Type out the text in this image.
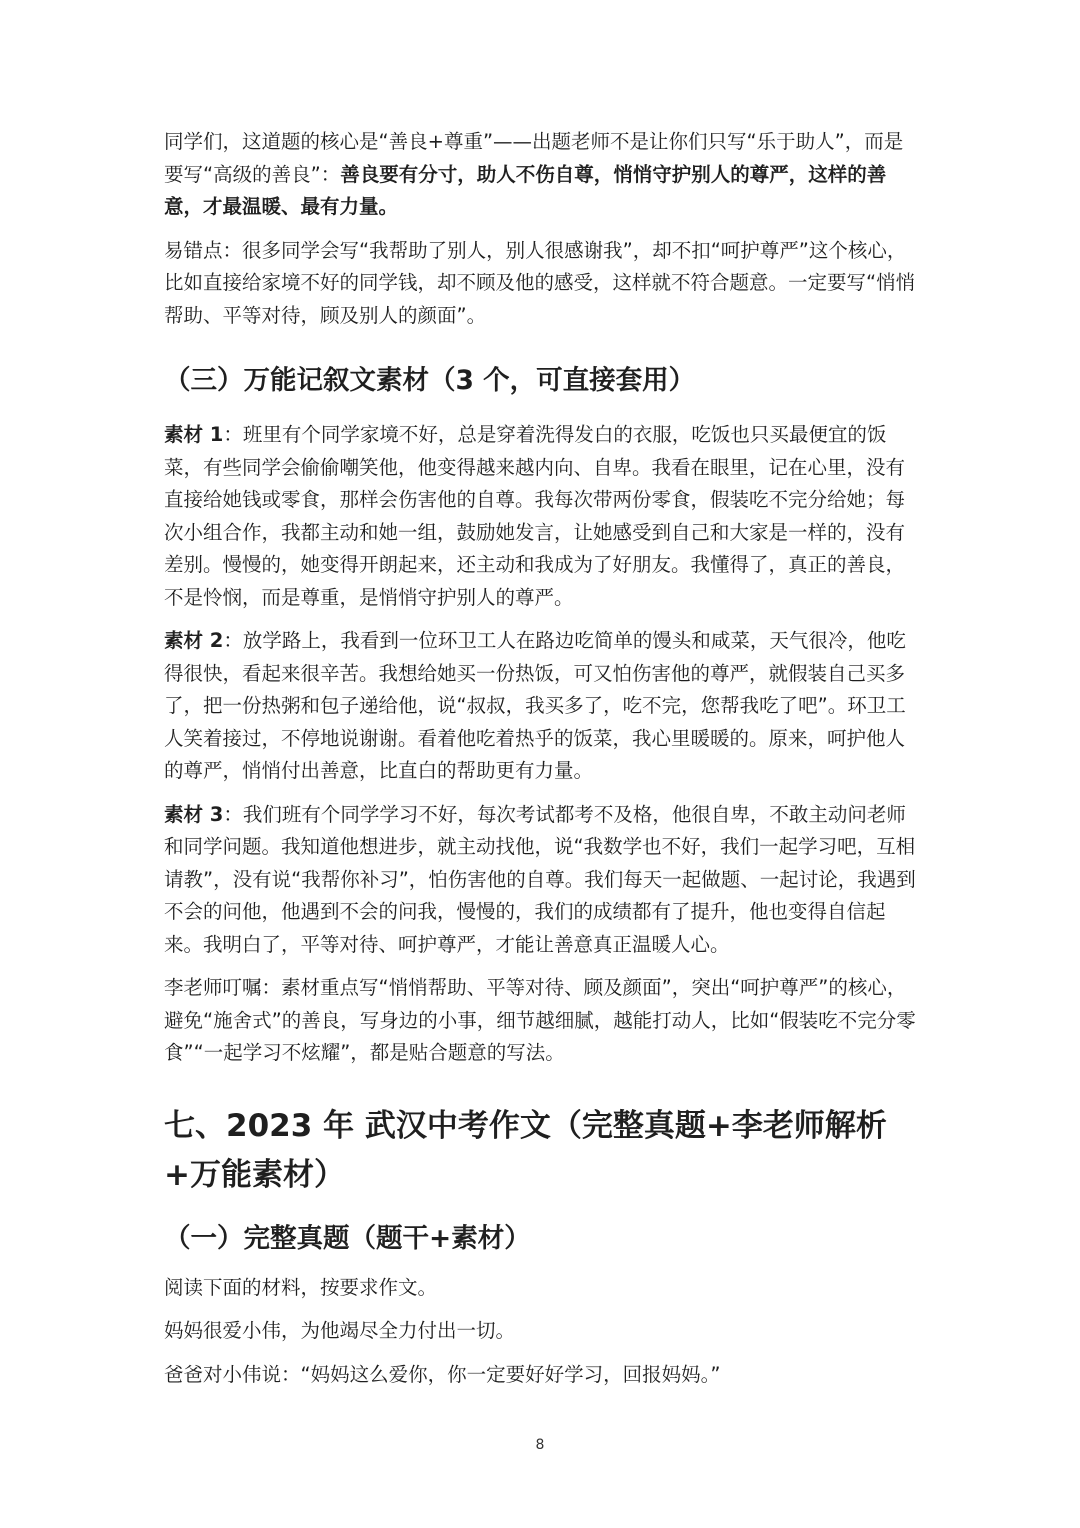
同学们，这道题的核心是“善良+尊重”——出题老师不是让你们只写“乐于助人”，而是要写“高级的善良”：善良要有分寸，助人不伤自尊，悄悄守护别人的尊严，这样的善意，才最温暖、最有力量。

易错点：很多同学会写“我帮助了别人，别人很感谢我”，却不扣“呵护尊严”这个核心，比如直接给家境不好的同学钱，却不顾及他的感受，这样就不符合题意。一定要写“悄悄帮助、平等对待，顾及别人的颜面”。

（三）万能记叙文素材（3 个，可直接套用）

素材 1：班里有个同学家境不好，总是穿着洗得发白的衣服，吃饭也只买最便宜的饭菜，有些同学会偷偷嘲笑他，他变得越来越内向、自卑。我看在眼里，记在心里，没有直接给她钱或零食，那样会伤害他的自尊。我每次带两份零食，假装吃不完分给她；每次小组合作，我都主动和她一组，鼓励她发言，让她感受到自己和大家是一样的，没有差别。慢慢的，她变得开朗起来，还主动和我成为了好朋友。我懂得了，真正的善良，不是怜悯，而是尊重，是悄悄守护别人的尊严。

素材 2：放学路上，我看到一位环卫工人在路边吃简单的馒头和咸菜，天气很冷，他吃得很快，看起来很辛苦。我想给她买一份热饭，可又怕伤害他的尊严，就假装自己买多了，把一份热粥和包子递给他，说“叔叔，我买多了，吃不完，您帮我吃了吧”。环卫工人笑着接过，不停地说谢谢。看着他吃着热乎的饭菜，我心里暖暖的。原来，呵护他人的尊严，悄悄付出善意，比直白的帮助更有力量。

素材 3：我们班有个同学学习不好，每次考试都考不及格，他很自卑，不敢主动问老师和同学问题。我知道他想进步，就主动找他，说“我数学也不好，我们一起学习吧，互相请教”，没有说“我帮你补习”，怕伤害他的自尊。我们每天一起做题、一起讨论，我遇到不会的问他，他遇到不会的问我，慢慢的，我们的成绩都有了提升，他也变得自信起来。我明白了，平等对待、呵护尊严，才能让善意真正温暖人心。

李老师叮嘱：素材重点写“悄悄帮助、平等对待、顾及颜面”，突出“呵护尊严”的核心，避免“施舍式”的善良，写身边的小事，细节越细腻，越能打动人，比如“假装吃不完分零食”“一起学习不炫耀”，都是贴合题意的写法。

七、2023 年 武汉中考作文（完整真题+李老师解析+万能素材）
（一）完整真题（题干+素材）

阅读下面的材料，按要求作文。

妈妈很爱小伟，为他竭尽全力付出一切。

爸爸对小伟说：“妈妈这么爱你，你一定要好好学习，回报妈妈。”

8
